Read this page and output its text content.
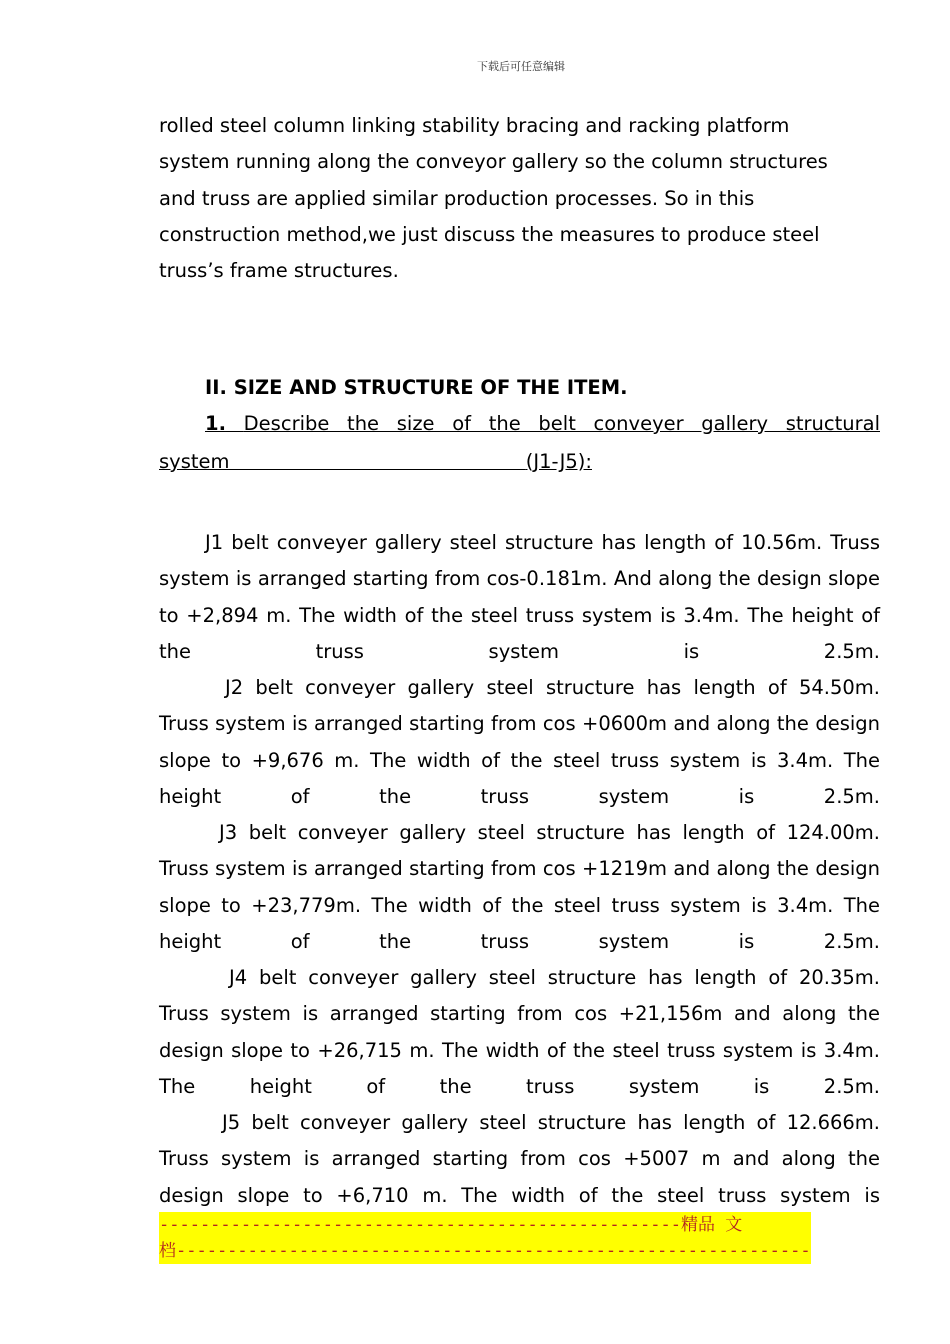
下载后可任意编辑

rolled steel column linking stability bracing and racking platform

system running along the conveyor gallery so the column structures

and truss are applied similar production processes. So in this

construction method,we just discuss the measures to produce steel

truss’s frame structures.

II. SIZE AND STRUCTURE OF THE ITEM.
1. Describe the size of the belt conveyer gallery structural
system	(J1-J5):
J1 belt conveyer gallery steel structure has length of 10.56m. Truss system is arranged starting from cos-0.181m. And along the design slope to +2,894 m. The width of the steel truss system is 3.4m. The height of the truss system is 2.5m.
J2 belt conveyer gallery steel structure has length of 54.50m. Truss system is arranged starting from cos +0600m and along the design slope to +9,676 m. The width of the steel truss system is 3.4m. The height of the truss system is 2.5m.
J3 belt conveyer gallery steel structure has length of 124.00m. Truss system is arranged starting from cos +1219m and along the design slope to +23,779m. The width of the steel truss system is 3.4m. The height of the truss system is 2.5m.
J4 belt conveyer gallery steel structure has length of 20.35m. Truss system is arranged starting from cos +21,156m and along the design slope to +26,715 m. The width of the steel truss system is 3.4m. The height of the truss system is 2.5m.
J5 belt conveyer gallery steel structure has length of 12.666m. Truss system is arranged starting from cos +5007 m and along the design slope to +6,710 m. The width of the steel truss system is
---------------------------------------------------精品 文
档--------------------------------------------------------------
